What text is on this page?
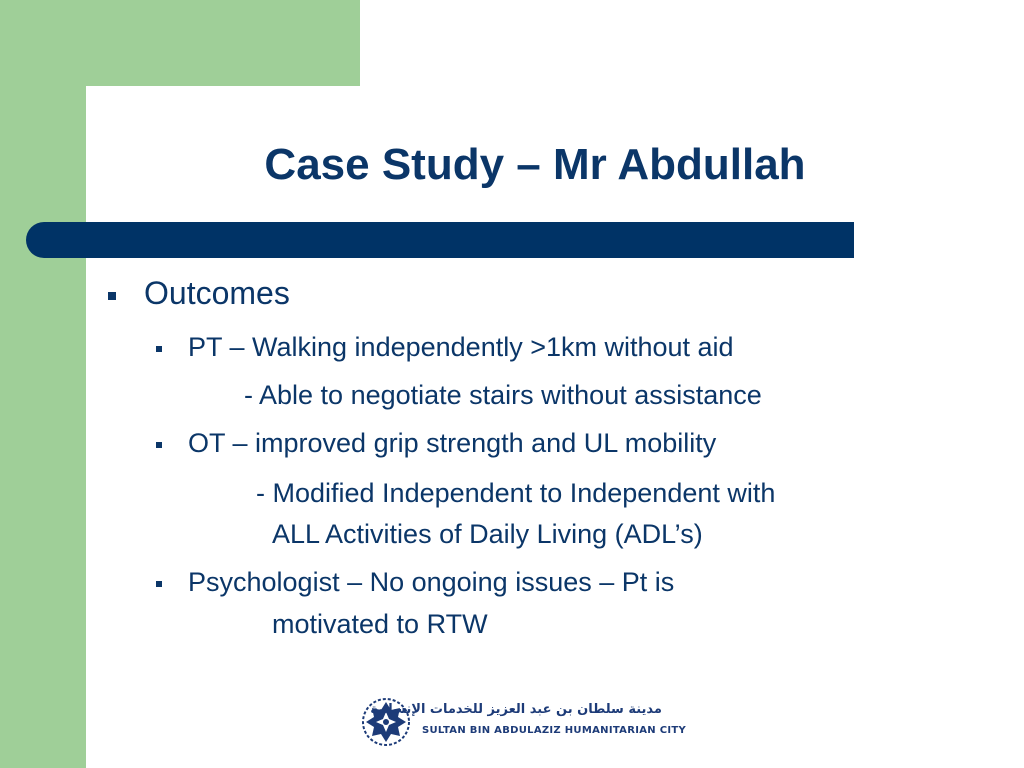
Case Study – Mr Abdullah
Outcomes
PT – Walking independently >1km without aid
- Able to negotiate stairs without assistance
OT – improved grip strength and UL mobility
- Modified Independent to Independent with
ALL Activities of Daily Living (ADL’s)
Psychologist – No ongoing issues – Pt is
motivated to RTW
مدينة سلطان بن عبد العزيز للخدمات الإنسانية
SULTAN BIN ABDULAZIZ HUMANITARIAN CITY
